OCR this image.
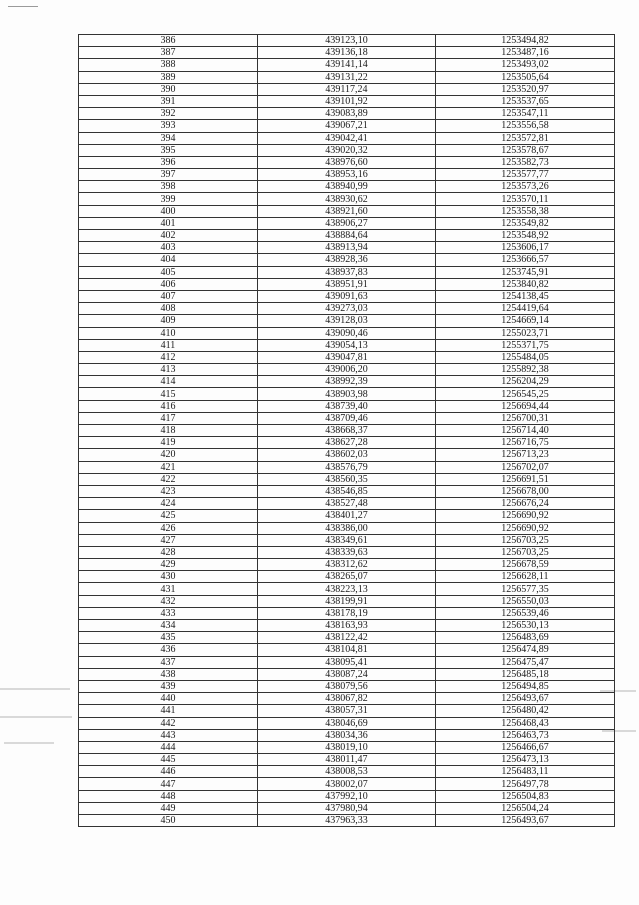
386	439123,10	1253494,82
387	439136,18	1253487,16
388	439141,14	1253493,02
389	439131,22	1253505,64
390	439117,24	1253520,97
391	439101,92	1253537,65
392	439083,89	1253547,11
393	439067,21	1253556,58
394	439042,41	1253572,81
395	439020,32	1253578,67
396	438976,60	1253582,73
397	438953,16	1253577,77
398	438940,99	1253573,26
399	438930,62	1253570,11
400	438921,60	1253558,38
401	438906,27	1253549,82
402	438884,64	1253548,92
403	438913,94	1253606,17
404	438928,36	1253666,57
405	438937,83	1253745,91
406	438951,91	1253840,82
407	439091,63	1254138,45
408	439273,03	1254419,64
409	439128,03	1254669,14
410	439090,46	1255023,71
411	439054,13	1255371,75
412	439047,81	1255484,05
413	439006,20	1255892,38
414	438992,39	1256204,29
415	438903,98	1256545,25
416	438739,40	1256694,44
417	438709,46	1256700,31
418	438668,37	1256714,40
419	438627,28	1256716,75
420	438602,03	1256713,23
421	438576,79	1256702,07
422	438560,35	1256691,51
423	438546,85	1256678,00
424	438527,48	1256676,24
425	438401,27	1256690,92
426	438386,00	1256690,92
427	438349,61	1256703,25
428	438339,63	1256703,25
429	438312,62	1256678,59
430	438265,07	1256628,11
431	438223,13	1256577,35
432	438199,91	1256550,03
433	438178,19	1256539,46
434	438163,93	1256530,13
435	438122,42	1256483,69
436	438104,81	1256474,89
437	438095,41	1256475,47
438	438087,24	1256485,18
439	438079,56	1256494,85
440	438067,82	1256493,67
441	438057,31	1256480,42
442	438046,69	1256468,43
443	438034,36	1256463,73
444	438019,10	1256466,67
445	438011,47	1256473,13
446	438008,53	1256483,11
447	438002,07	1256497,78
448	437992,10	1256504,83
449	437980,94	1256504,24
450	437963,33	1256493,67
